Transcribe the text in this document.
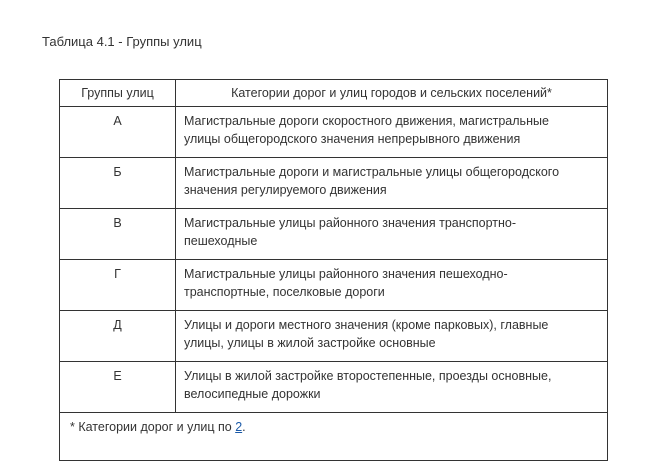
Таблица 4.1 - Группы улиц
Группы улиц	Категории дорог и улиц городов и сельских поселений*
А	Магистральные дороги скоростного движения, магистральные
улицы общегородского значения непрерывного движения

Б	Магистральные дороги и магистральные улицы общегородского
значения регулируемого движения

В	Магистральные улицы районного значения транспортно-
пешеходные

Г	Магистральные улицы районного значения пешеходно-
транспортные, поселковые дороги

Д	Улицы и дороги местного значения (кроме парковых), главные
улицы, улицы в жилой застройке основные

Е	Улицы в жилой застройке второстепенные, проезды основные,
велосипедные дорожки

* Категории дорог и улиц по 2.	
